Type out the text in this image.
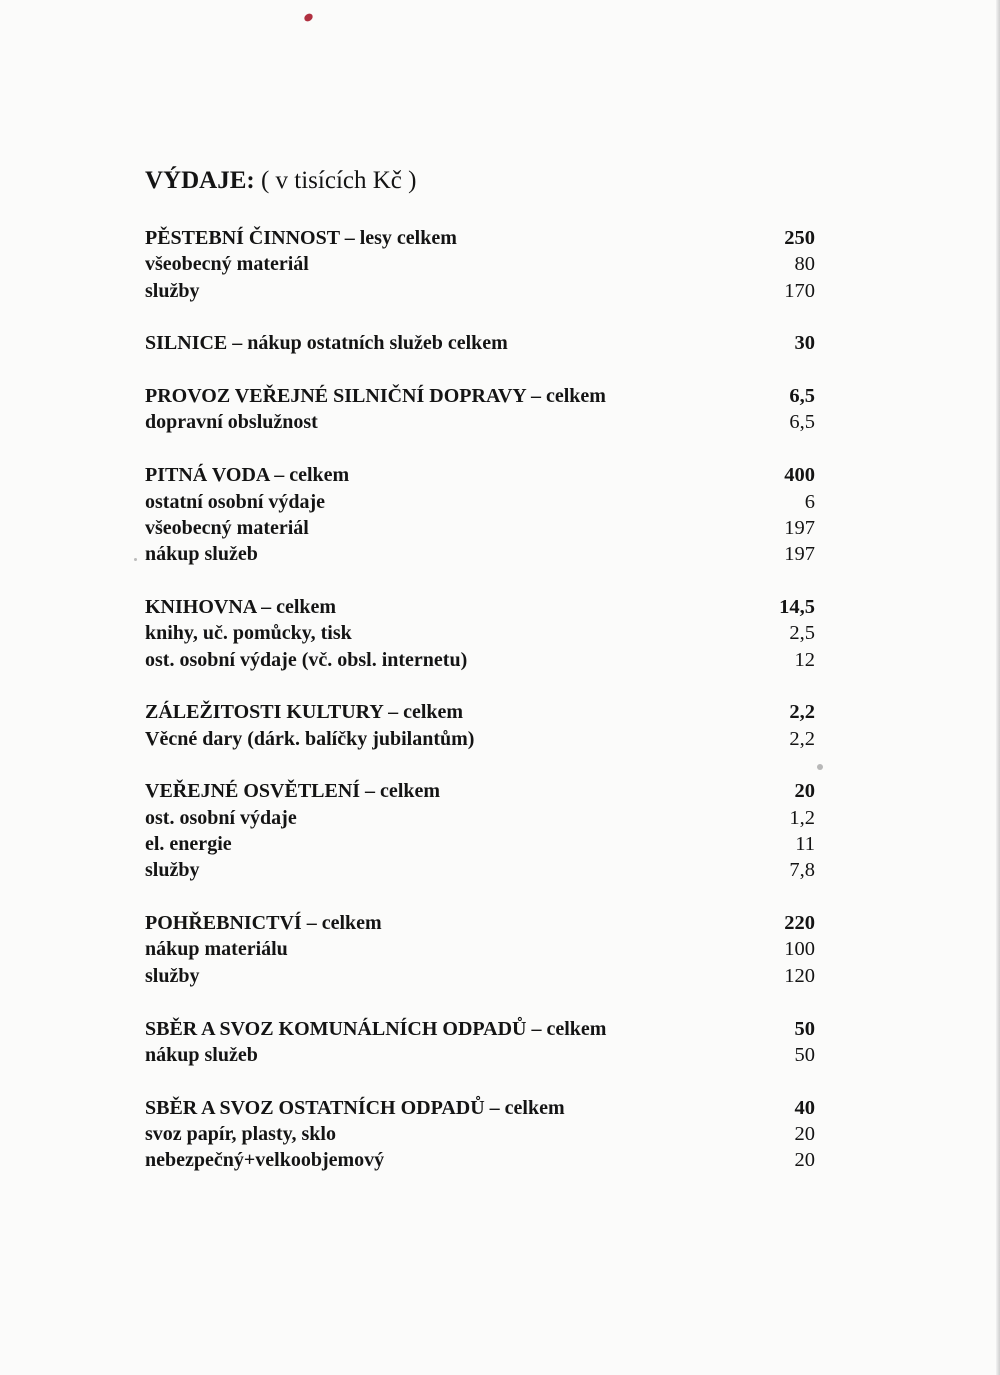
VÝDAJE: ( v tisících Kč )
PĚSTEBNÍ ČINNOST – lesy celkem	250
všeobecný materiál	80
služby	170
SILNICE – nákup ostatních služeb celkem	30
PROVOZ VEŘEJNÉ SILNIČNÍ DOPRAVY – celkem	6,5
dopravní obslužnost	6,5
PITNÁ VODA – celkem	400
ostatní osobní výdaje	6
všeobecný materiál	197
nákup služeb	197
KNIHOVNA – celkem	14,5
knihy, uč. pomůcky, tisk	2,5
ost. osobní výdaje (vč. obsl. internetu)	12
ZÁLEŽITOSTI KULTURY – celkem	2,2
Věcné dary (dárk. balíčky jubilantům)	2,2
VEŘEJNÉ OSVĚTLENÍ – celkem	20
ost. osobní výdaje	1,2
el. energie	11
služby	7,8
POHŘEBNICTVÍ – celkem	220
nákup materiálu	100
služby	120
SBĚR A SVOZ KOMUNÁLNÍCH ODPADŮ – celkem	50
nákup služeb	50
SBĚR A SVOZ OSTATNÍCH ODPADŮ – celkem	40
svoz papír, plasty, sklo	20
nebezpečný+velkoobjemový	20
